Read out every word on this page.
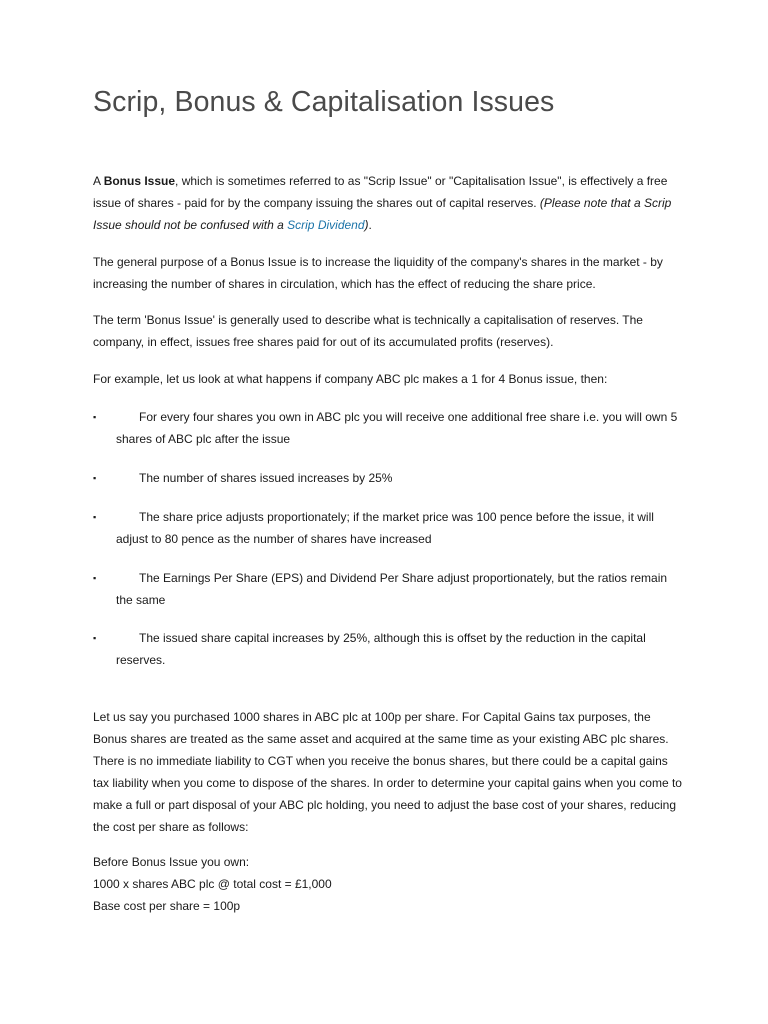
Scrip, Bonus & Capitalisation Issues

A Bonus Issue, which is sometimes referred to as "Scrip Issue" or "Capitalisation Issue", is effectively a free issue of shares - paid for by the company issuing the shares out of capital reserves. (Please note that a Scrip Issue should not be confused with a Scrip Dividend).

The general purpose of a Bonus Issue is to increase the liquidity of the company's shares in the market - by increasing the number of shares in circulation, which has the effect of reducing the share price.

The term 'Bonus Issue' is generally used to describe what is technically a capitalisation of reserves. The company, in effect, issues free shares paid for out of its accumulated profits (reserves).

For example, let us look at what happens if company ABC plc makes a 1 for 4 Bonus issue, then:

▪	For every four shares you own in ABC plc you will receive one additional free share i.e. you will own 5 shares of ABC plc after the issue
▪	The number of shares issued increases by 25%
▪	The share price adjusts proportionately; if the market price was 100 pence before the issue, it will adjust to 80 pence as the number of shares have increased
▪	The Earnings Per Share (EPS) and Dividend Per Share adjust proportionately, but the ratios remain the same
▪	The issued share capital increases by 25%, although this is offset by the reduction in the capital reserves.

Let us say you purchased 1000 shares in ABC plc at 100p per share. For Capital Gains tax purposes, the Bonus shares are treated as the same asset and acquired at the same time as your existing ABC plc shares. There is no immediate liability to CGT when you receive the bonus shares, but there could be a capital gains tax liability when you come to dispose of the shares. In order to determine your capital gains when you come to make a full or part disposal of your ABC plc holding, you need to adjust the base cost of your shares, reducing the cost per share as follows:

Before Bonus Issue you own:
1000 x shares ABC plc @ total cost = £1,000
Base cost per share = 100p
